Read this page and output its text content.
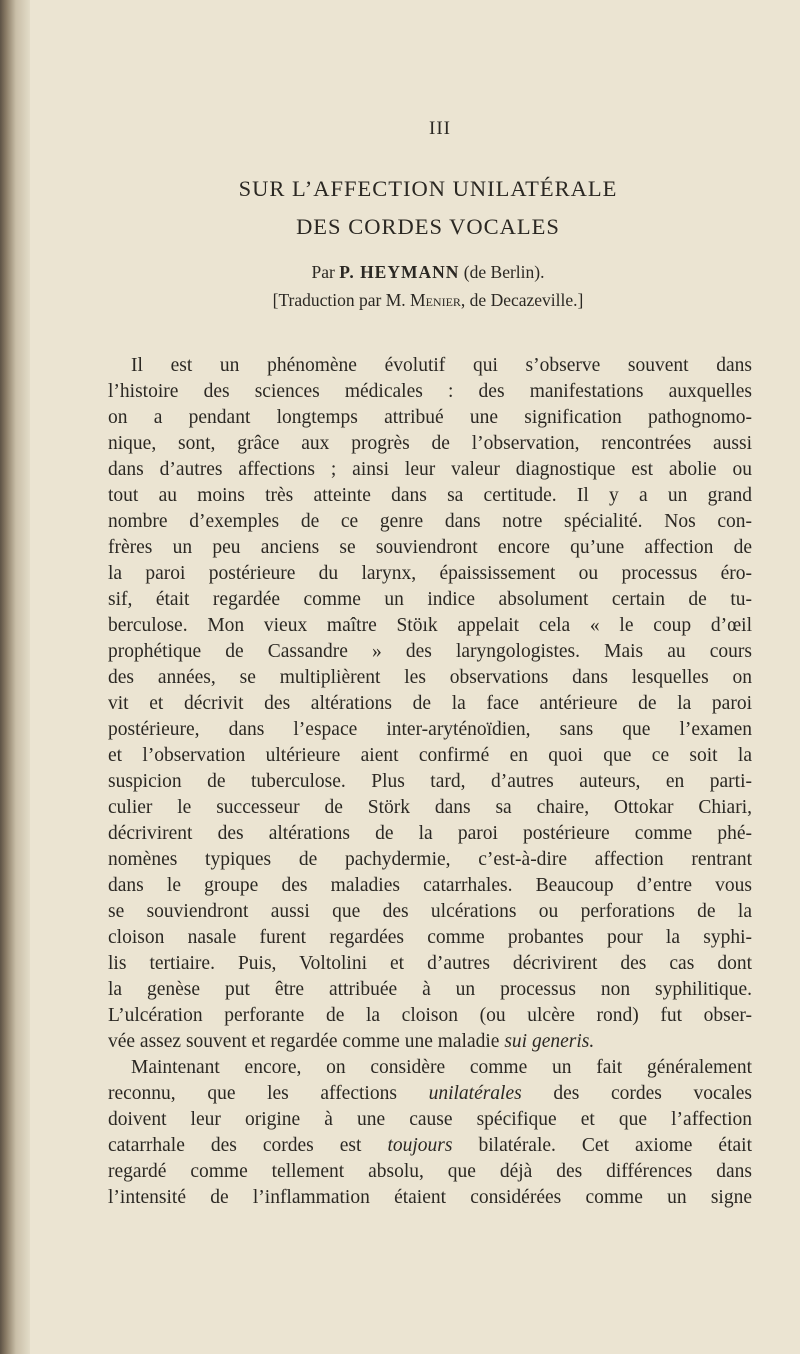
III
SUR L’AFFECTION UNILATÉRALE
DES CORDES VOCALES
Par P. HEYMANN (de Berlin).
[Traduction par M. Menier, de Decazeville.]
Il est un phénomène évolutif qui s’observe souvent dans
l’histoire des sciences médicales : des manifestations auxquelles
on a pendant longtemps attribué une signification pathognomo-
nique, sont, grâce aux progrès de l’observation, rencontrées aussi
dans d’autres affections ; ainsi leur valeur diagnostique est abolie ou
tout au moins très atteinte dans sa certitude. Il y a un grand
nombre d’exemples de ce genre dans notre spécialité. Nos con-
frères un peu anciens se souviendront encore qu’une affection de
la paroi postérieure du larynx, épaississement ou processus éro-
sif, était regardée comme un indice absolument certain de tu-
berculose. Mon vieux maître Stöık appelait cela « le coup d’œil
prophétique de Cassandre » des laryngologistes. Mais au cours
des années, se multiplièrent les observations dans lesquelles on
vit et décrivit des altérations de la face antérieure de la paroi
postérieure, dans l’espace inter-aryténoïdien, sans que l’examen
et l’observation ultérieure aient confirmé en quoi que ce soit la
suspicion de tuberculose. Plus tard, d’autres auteurs, en parti-
culier le successeur de Störk dans sa chaire, Ottokar Chiari,
décrivirent des altérations de la paroi postérieure comme phé-
nomènes typiques de pachydermie, c’est-à-dire affection rentrant
dans le groupe des maladies catarrhales. Beaucoup d’entre vous
se souviendront aussi que des ulcérations ou perforations de la
cloison nasale furent regardées comme probantes pour la syphi-
lis tertiaire. Puis, Voltolini et d’autres décrivirent des cas dont
la genèse put être attribuée à un processus non syphilitique.
L’ulcération perforante de la cloison (ou ulcère rond) fut obser-
vée assez souvent et regardée comme une maladie sui generis.
Maintenant encore, on considère comme un fait généralement
reconnu, que les affections unilatérales des cordes vocales
doivent leur origine à une cause spécifique et que l’affection
catarrhale des cordes est toujours bilatérale. Cet axiome était
regardé comme tellement absolu, que déjà des différences dans
l’intensité de l’inflammation étaient considérées comme un signe
